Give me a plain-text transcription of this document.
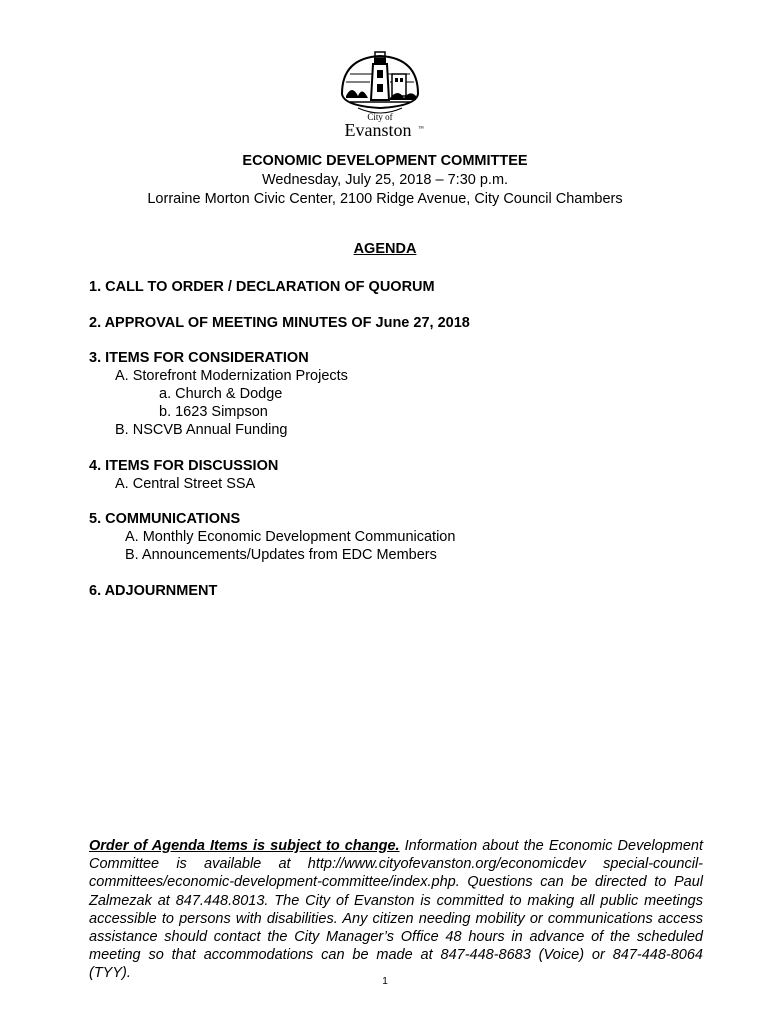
City of
Evanston ™
ECONOMIC DEVELOPMENT COMMITTEE
Wednesday, July 25, 2018 – 7:30 p.m.
Lorraine Morton Civic Center, 2100 Ridge Avenue, City Council Chambers
AGENDA
1. CALL TO ORDER / DECLARATION OF QUORUM
2. APPROVAL OF MEETING MINUTES OF June 27, 2018
3. ITEMS FOR CONSIDERATION
A. Storefront Modernization Projects
a. Church & Dodge
b. 1623 Simpson
B. NSCVB Annual Funding
4. ITEMS FOR DISCUSSION
A. Central Street SSA
5. COMMUNICATIONS
A. Monthly Economic Development Communication
B. Announcements/Updates from EDC Members
6. ADJOURNMENT
Order of Agenda Items is subject to change. Information about the Economic Development Committee is available at http://www.cityofevanston.org/economicdev special-council-committees/economic-development-committee/index.php. Questions can be directed to Paul Zalmezak at 847.448.8013. The City of Evanston is committed to making all public meetings accessible to persons with disabilities. Any citizen needing mobility or communications access assistance should contact the City Manager’s Office 48 hours in advance of the scheduled meeting so that accommodations can be made at 847-448-8683 (Voice) or 847-448-8064 (TYY).
1
